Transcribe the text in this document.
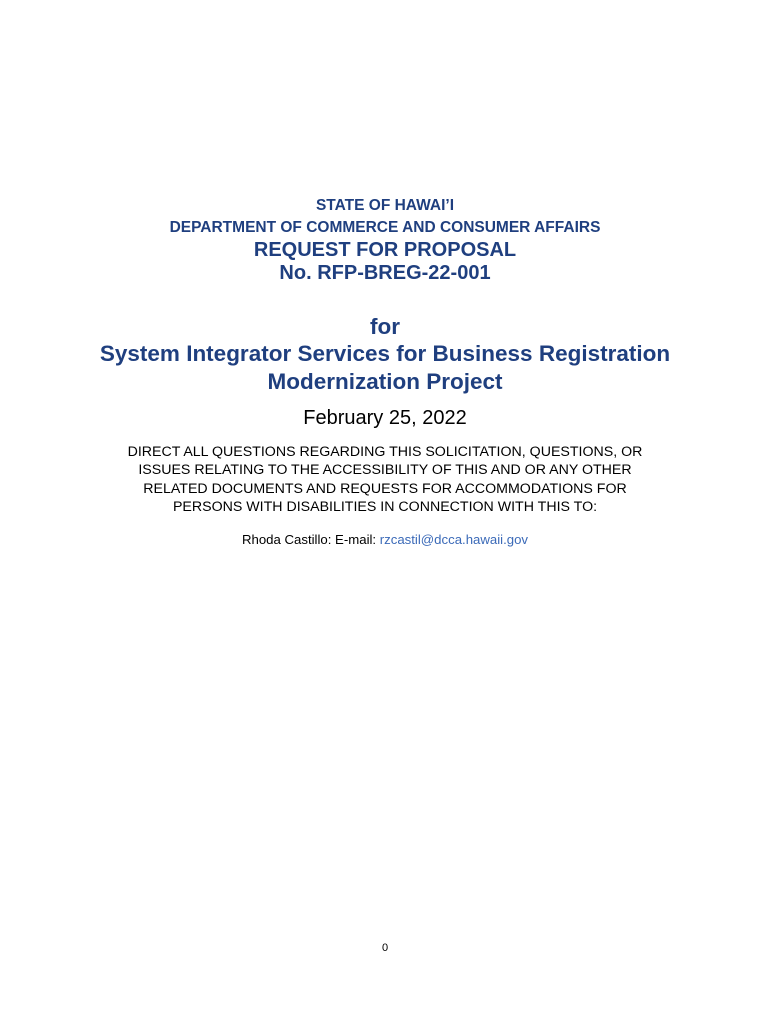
STATE OF HAWAI’I
DEPARTMENT OF COMMERCE AND CONSUMER AFFAIRS
REQUEST FOR PROPOSAL
No. RFP-BREG-22-001
for
System Integrator Services for Business Registration
Modernization Project
February 25, 2022
DIRECT ALL QUESTIONS REGARDING THIS SOLICITATION, QUESTIONS, OR
ISSUES RELATING TO THE ACCESSIBILITY OF THIS AND OR ANY OTHER
RELATED DOCUMENTS AND REQUESTS FOR ACCOMMODATIONS FOR
PERSONS WITH DISABILITIES IN CONNECTION WITH THIS TO:
Rhoda Castillo: E-mail: rzcastil@dcca.hawaii.gov
0
